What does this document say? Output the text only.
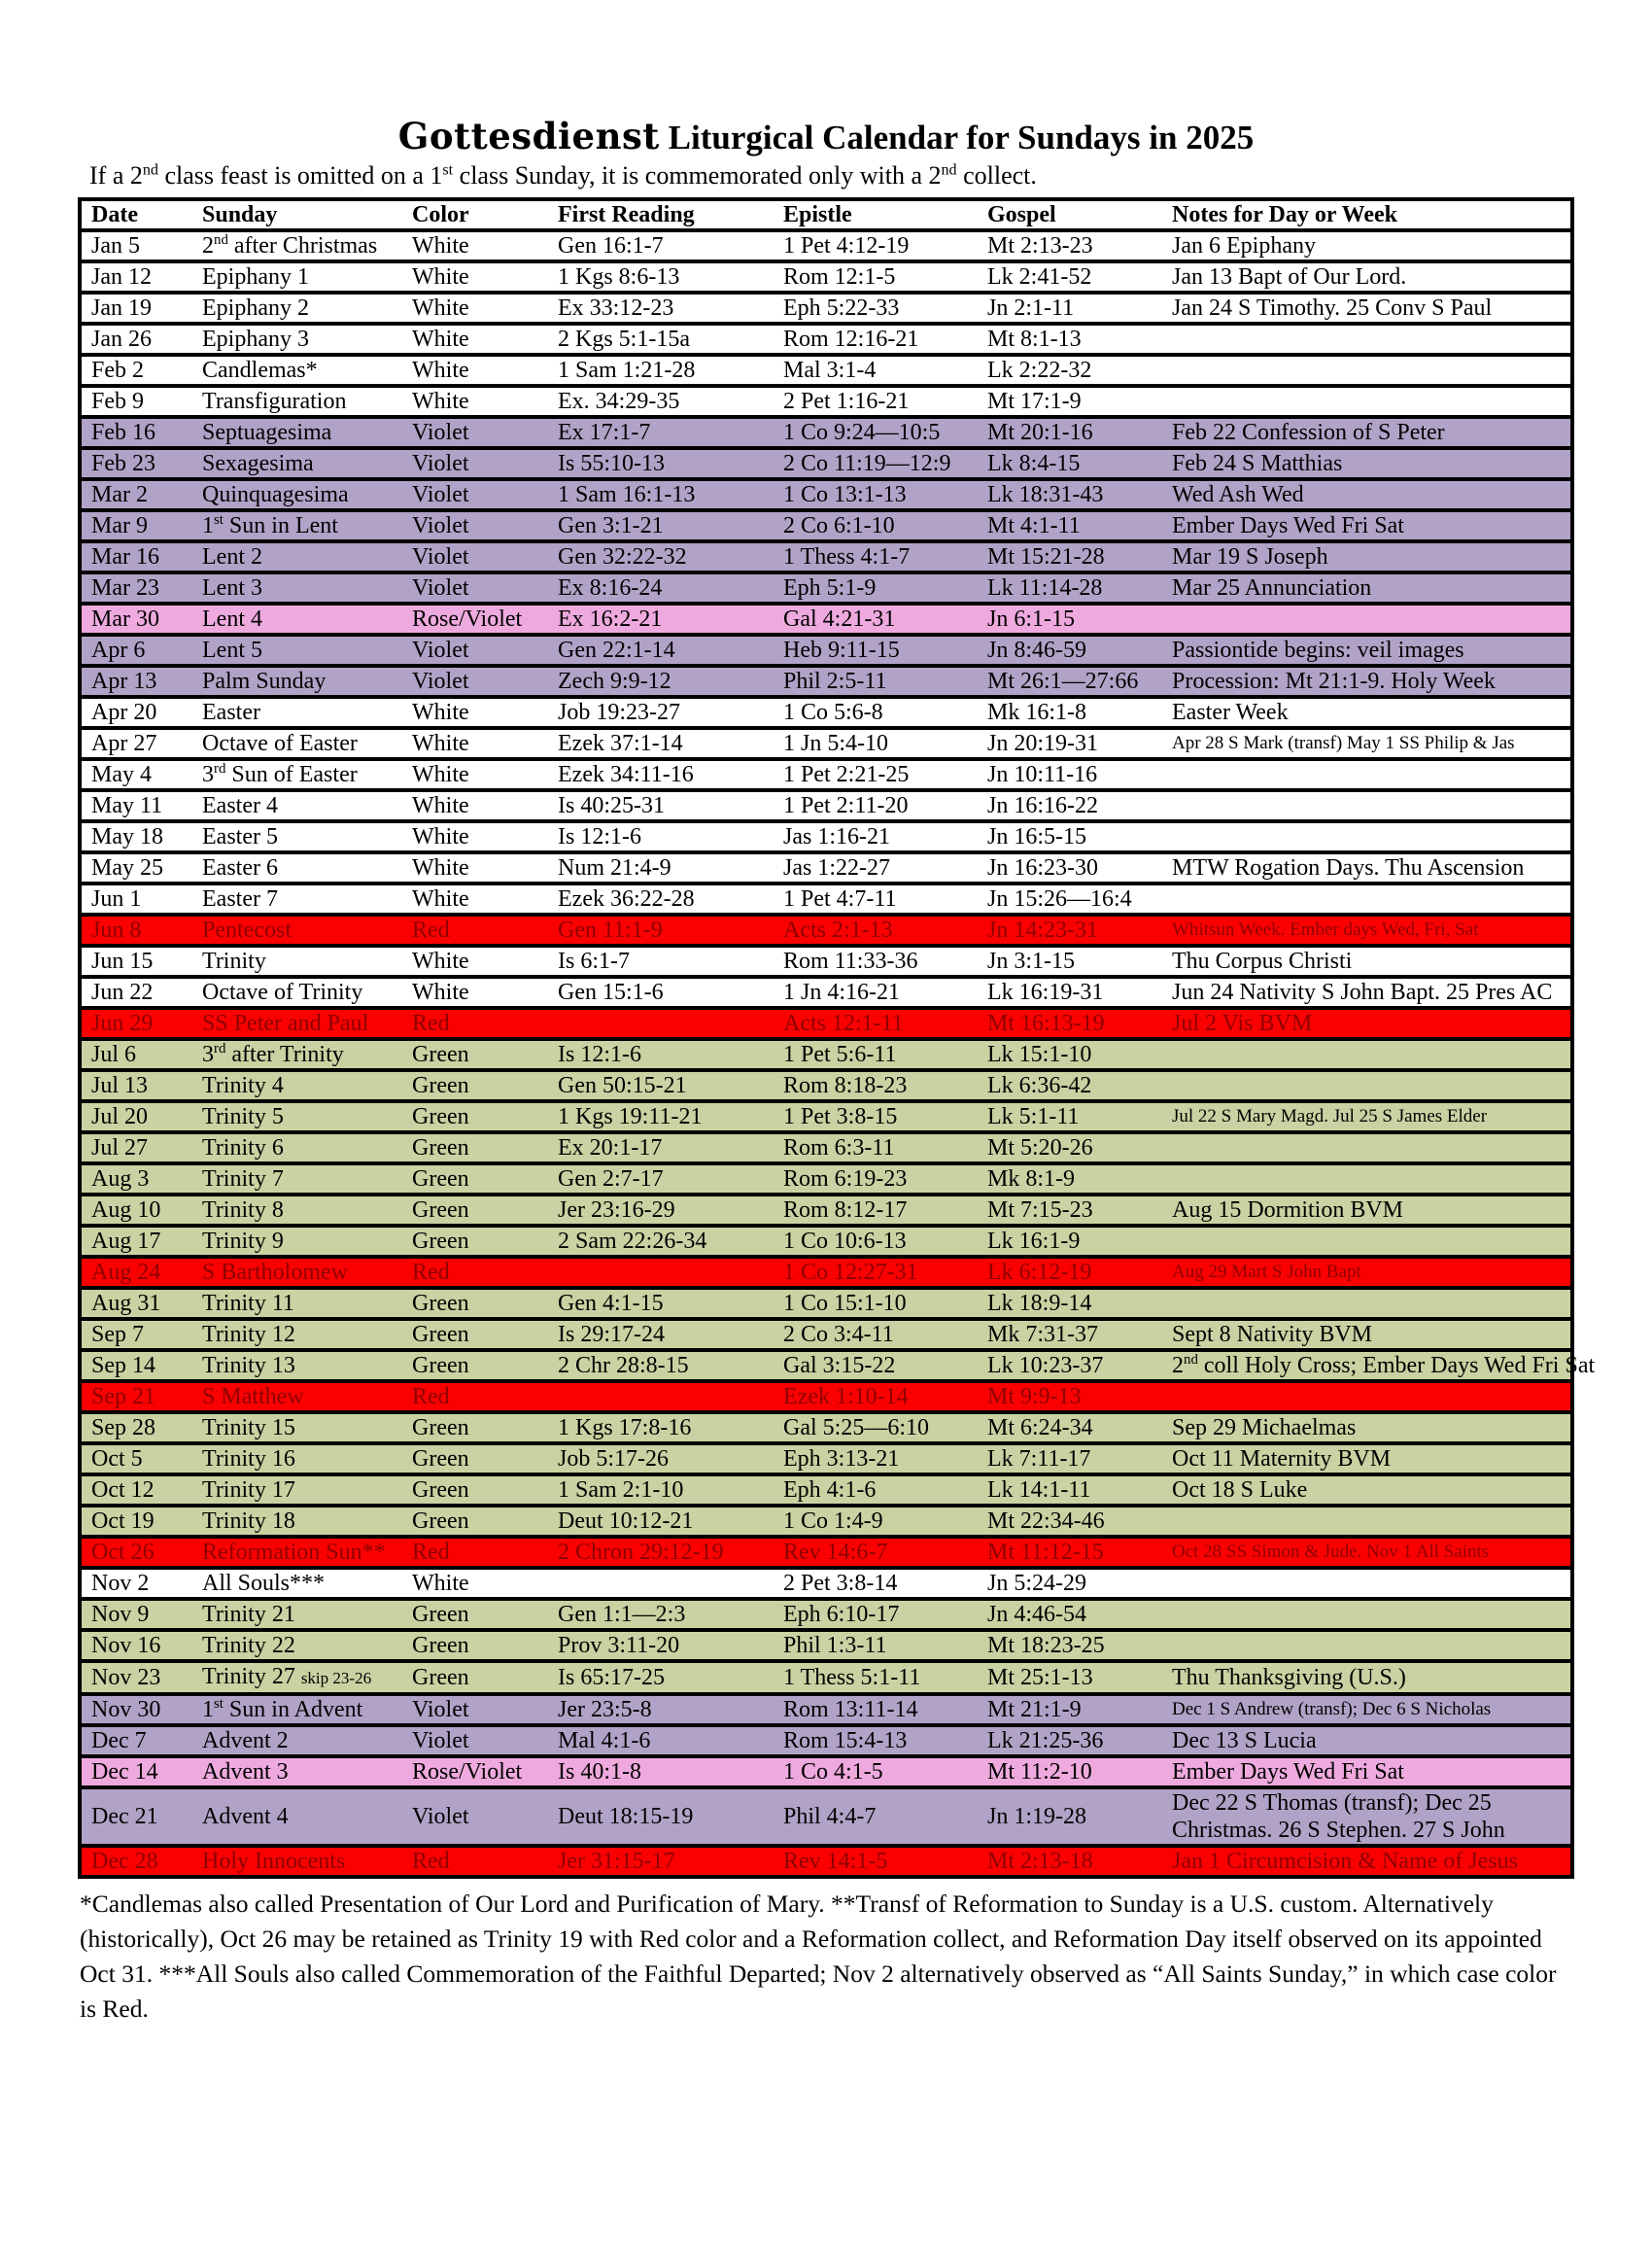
Gottesdienst Liturgical Calendar for Sundays in 2025
If a 2nd class feast is omitted on a 1st class Sunday, it is commemorated only with a 2nd collect.
Date	Sunday	Color	First Reading	Epistle	Gospel	Notes for Day or Week
Jan 5	2nd after Christmas	White	Gen 16:1-7	1 Pet 4:12-19	Mt 2:13-23	Jan 6 Epiphany
Jan 12	Epiphany 1	White	1 Kgs 8:6-13	Rom 12:1-5	Lk 2:41-52	Jan 13 Bapt of Our Lord.
Jan 19	Epiphany 2	White	Ex 33:12-23	Eph 5:22-33	Jn 2:1-11	Jan 24 S Timothy. 25 Conv S Paul
Jan 26	Epiphany 3	White	2 Kgs 5:1-15a	Rom 12:16-21	Mt 8:1-13	
Feb 2	Candlemas*	White	1 Sam 1:21-28	Mal 3:1-4	Lk 2:22-32	
Feb 9	Transfiguration	White	Ex. 34:29-35	2 Pet 1:16-21	Mt 17:1-9	
Feb 16	Septuagesima	Violet	Ex 17:1-7	1 Co 9:24—10:5	Mt 20:1-16	Feb 22 Confession of S Peter
Feb 23	Sexagesima	Violet	Is 55:10-13	2 Co 11:19—12:9	Lk 8:4-15	Feb 24 S Matthias
Mar 2	Quinquagesima	Violet	1 Sam 16:1-13	1 Co 13:1-13	Lk 18:31-43	Wed Ash Wed
Mar 9	1st Sun in Lent	Violet	Gen 3:1-21	2 Co 6:1-10	Mt 4:1-11	Ember Days Wed Fri Sat
Mar 16	Lent 2	Violet	Gen 32:22-32	1 Thess 4:1-7	Mt 15:21-28	Mar 19 S Joseph
Mar 23	Lent 3	Violet	Ex 8:16-24	Eph 5:1-9	Lk 11:14-28	Mar 25 Annunciation
Mar 30	Lent 4	Rose/Violet	Ex 16:2-21	Gal 4:21-31	Jn 6:1-15	
Apr 6	Lent 5	Violet	Gen 22:1-14	Heb 9:11-15	Jn 8:46-59	Passiontide begins: veil images
Apr 13	Palm Sunday	Violet	Zech 9:9-12	Phil 2:5-11	Mt 26:1—27:66	Procession: Mt 21:1-9. Holy Week
Apr 20	Easter	White	Job 19:23-27	1 Co 5:6-8	Mk 16:1-8	Easter Week
Apr 27	Octave of Easter	White	Ezek 37:1-14	1 Jn 5:4-10	Jn 20:19-31	Apr 28 S Mark (transf) May 1 SS Philip & Jas
May 4	3rd Sun of Easter	White	Ezek 34:11-16	1 Pet 2:21-25	Jn 10:11-16	
May 11	Easter 4	White	Is 40:25-31	1 Pet 2:11-20	Jn 16:16-22	
May 18	Easter 5	White	Is 12:1-6	Jas 1:16-21	Jn 16:5-15	
May 25	Easter 6	White	Num 21:4-9	Jas 1:22-27	Jn 16:23-30	MTW Rogation Days. Thu Ascension
Jun 1	Easter 7	White	Ezek 36:22-28	1 Pet 4:7-11	Jn 15:26—16:4	
Jun 8	Pentecost	Red	Gen 11:1-9	Acts 2:1-13	Jn 14:23-31	Whitsun Week. Ember days Wed, Fri, Sat
Jun 15	Trinity	White	Is 6:1-7	Rom 11:33-36	Jn 3:1-15	Thu Corpus Christi
Jun 22	Octave of Trinity	White	Gen 15:1-6	1 Jn 4:16-21	Lk 16:19-31	Jun 24 Nativity S John Bapt. 25 Pres AC
Jun 29	SS Peter and Paul	Red		Acts 12:1-11	Mt 16:13-19	Jul 2 Vis BVM
Jul 6	3rd after Trinity	Green	Is 12:1-6	1 Pet 5:6-11	Lk 15:1-10	
Jul 13	Trinity 4	Green	Gen 50:15-21	Rom 8:18-23	Lk 6:36-42	
Jul 20	Trinity 5	Green	1 Kgs 19:11-21	1 Pet 3:8-15	Lk 5:1-11	Jul 22 S Mary Magd. Jul 25 S James Elder
Jul 27	Trinity 6	Green	Ex 20:1-17	Rom 6:3-11	Mt 5:20-26	
Aug 3	Trinity 7	Green	Gen 2:7-17	Rom 6:19-23	Mk 8:1-9	
Aug 10	Trinity 8	Green	Jer 23:16-29	Rom 8:12-17	Mt 7:15-23	Aug 15 Dormition BVM
Aug 17	Trinity 9	Green	2 Sam 22:26-34	1 Co 10:6-13	Lk 16:1-9	
Aug 24	S Bartholomew	Red		1 Co 12:27-31	Lk 6:12-19	Aug 29 Mart S John Bapt
Aug 31	Trinity 11	Green	Gen 4:1-15	1 Co 15:1-10	Lk 18:9-14	
Sep 7	Trinity 12	Green	Is 29:17-24	2 Co 3:4-11	Mk 7:31-37	Sept 8 Nativity BVM
Sep 14	Trinity 13	Green	2 Chr 28:8-15	Gal 3:15-22	Lk 10:23-37	2nd coll Holy Cross; Ember Days Wed Fri Sat
Sep 21	S Matthew	Red		Ezek 1:10-14	Mt 9:9-13	
Sep 28	Trinity 15	Green	1 Kgs 17:8-16	Gal 5:25—6:10	Mt 6:24-34	Sep 29 Michaelmas
Oct 5	Trinity 16	Green	Job 5:17-26	Eph 3:13-21	Lk 7:11-17	Oct 11 Maternity BVM
Oct 12	Trinity 17	Green	1 Sam 2:1-10	Eph 4:1-6	Lk 14:1-11	Oct 18 S Luke
Oct 19	Trinity 18	Green	Deut 10:12-21	1 Co 1:4-9	Mt 22:34-46	
Oct 26	Reformation Sun**	Red	2 Chron 29:12-19	Rev 14:6-7	Mt 11:12-15	Oct 28 SS Simon & Jude. Nov 1 All Saints
Nov 2	All Souls***	White		2 Pet 3:8-14	Jn 5:24-29	
Nov 9	Trinity 21	Green	Gen 1:1—2:3	Eph 6:10-17	Jn 4:46-54	
Nov 16	Trinity 22	Green	Prov 3:11-20	Phil 1:3-11	Mt 18:23-25	
Nov 23	Trinity 27 skip 23-26	Green	Is 65:17-25	1 Thess 5:1-11	Mt 25:1-13	Thu Thanksgiving (U.S.)
Nov 30	1st Sun in Advent	Violet	Jer 23:5-8	Rom 13:11-14	Mt 21:1-9	Dec 1 S Andrew (transf); Dec 6 S Nicholas
Dec 7	Advent 2	Violet	Mal 4:1-6	Rom 15:4-13	Lk 21:25-36	Dec 13 S Lucia
Dec 14	Advent 3	Rose/Violet	Is 40:1-8	1 Co 4:1-5	Mt 11:2-10	Ember Days Wed Fri Sat
Dec 21	Advent 4	Violet	Deut 18:15-19	Phil 4:4-7	Jn 1:19-28	Dec 22 S Thomas (transf); Dec 25
Christmas. 26 S Stephen. 27 S John
Dec 28	Holy Innocents	Red	Jer 31:15-17	Rev 14:1-5	Mt 2:13-18	Jan 1 Circumcision & Name of Jesus
*Candlemas also called Presentation of Our Lord and Purification of Mary. **Transf of Reformation to Sunday is a U.S. custom. Alternatively (historically), Oct 26 may be retained as Trinity 19 with Red color and a Reformation collect, and Reformation Day itself observed on its appointed Oct 31. ***All Souls also called Commemoration of the Faithful Departed; Nov 2 alternatively observed as “All Saints Sunday,” in which case color is Red.
